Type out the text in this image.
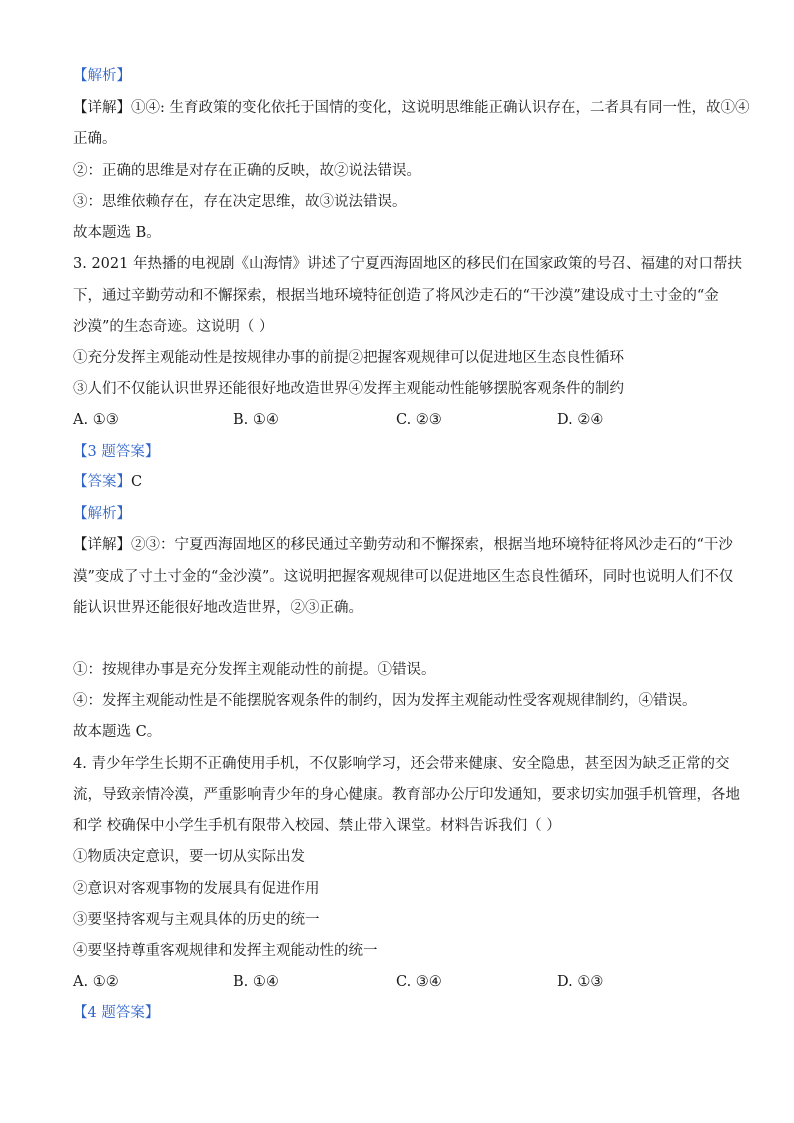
【解析】
【详解】①④: 生育政策的变化依托于国情的变化，这说明思维能正确认识存在，二者具有同一性，故①④
正确。
②：正确的思维是对存在正确的反映，故②说法错误。
③：思维依赖存在，存在决定思维，故③说法错误。
故本题选 B。
3. 2021 年热播的电视剧《山海情》讲述了宁夏西海固地区的移民们在国家政策的号召、福建的对口帮扶
下，通过辛勤劳动和不懈探索，根据当地环境特征创造了将风沙走石的“干沙漠”建设成寸土寸金的“金
沙漠”的生态奇迹。这说明（ ）
①充分发挥主观能动性是按规律办事的前提②把握客观规律可以促进地区生态良性循环
③人们不仅能认识世界还能很好地改造世界④发挥主观能动性能够摆脱客观条件的制约
A. ①③	B. ①④	C. ②③	D. ②④
【3 题答案】
【答案】C
【解析】
【详解】②③：宁夏西海固地区的移民通过辛勤劳动和不懈探索，根据当地环境特征将风沙走石的“干沙
漠”变成了寸土寸金的“金沙漠”。这说明把握客观规律可以促进地区生态良性循环，同时也说明人们不仅
能认识世界还能很好地改造世界，②③正确。
①：按规律办事是充分发挥主观能动性的前提。①错误。
④：发挥主观能动性是不能摆脱客观条件的制约，因为发挥主观能动性受客观规律制约，④错误。
故本题选 C。
4. 青少年学生长期不正确使用手机，不仅影响学习，还会带来健康、安全隐患，甚至因为缺乏正常的交
流，导致亲情冷漠，严重影响青少年的身心健康。教育部办公厅印发通知，要求切实加强手机管理，各地
和学 校确保中小学生手机有限带入校园、禁止带入课堂。材料告诉我们（ ）
①物质决定意识，要一切从实际出发
②意识对客观事物的发展具有促进作用
③要坚持客观与主观具体的历史的统一
④要坚持尊重客观规律和发挥主观能动性的统一
A. ①②	B. ①④	C. ③④	D. ①③
【4 题答案】
